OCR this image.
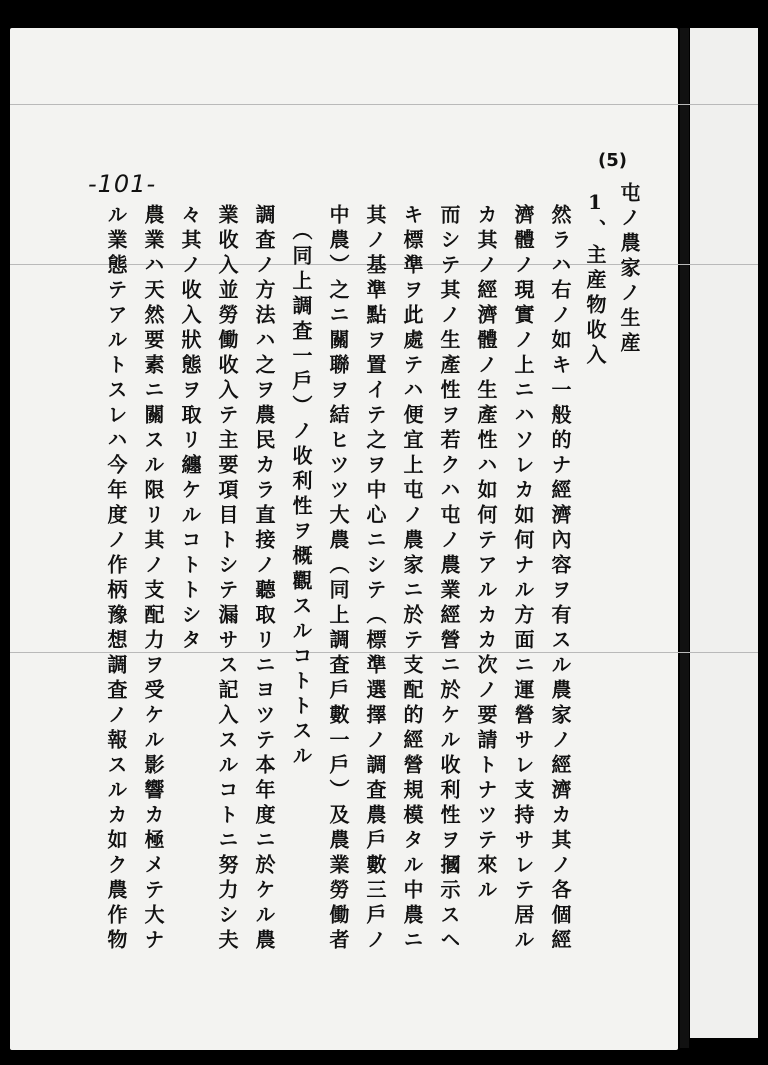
-101-
(5)
屯ノ農家ノ生産
1、主産物收入
然ラハ右ノ如キ一般的ナ經濟內容ヲ有スル農家ノ經濟カ其ノ各個經
濟體ノ現實ノ上ニハソレカ如何ナル方面ニ運營サレ支持サレテ居ル
カ其ノ經濟體ノ生產性ハ如何テアルカカ次ノ要請トナツテ來ル
而シテ其ノ生產性ヲ若クハ屯ノ農業經營ニ於ケル收利性ヲ摑示スヘ
キ標準ヲ此處テハ便宜上屯ノ農家ニ於テ支配的經營規模タル中農ニ
其ノ基準點ヲ置イテ之ヲ中心ニシテ（標準選擇ノ調査農戶數三戶ノ
中農）之ニ關聯ヲ結ヒツツ大農（同上調査戶數一戶）及農業勞働者
（同上調査一戶）ノ收利性ヲ概觀スルコトトスル
調査ノ方法ハ之ヲ農民カラ直接ノ聽取リニヨツテ本年度ニ於ケル農
業收入並勞働收入テ主要項目トシテ漏サス記入スルコトニ努力シ夫
々其ノ收入狀態ヲ取リ纏ケルコトトシタ
農業ハ天然要素ニ關スル限リ其ノ支配力ヲ受ケル影響カ極メテ大ナ
ル業態テアルトスレハ今年度ノ作柄豫想調査ノ報スルカ如ク農作物
